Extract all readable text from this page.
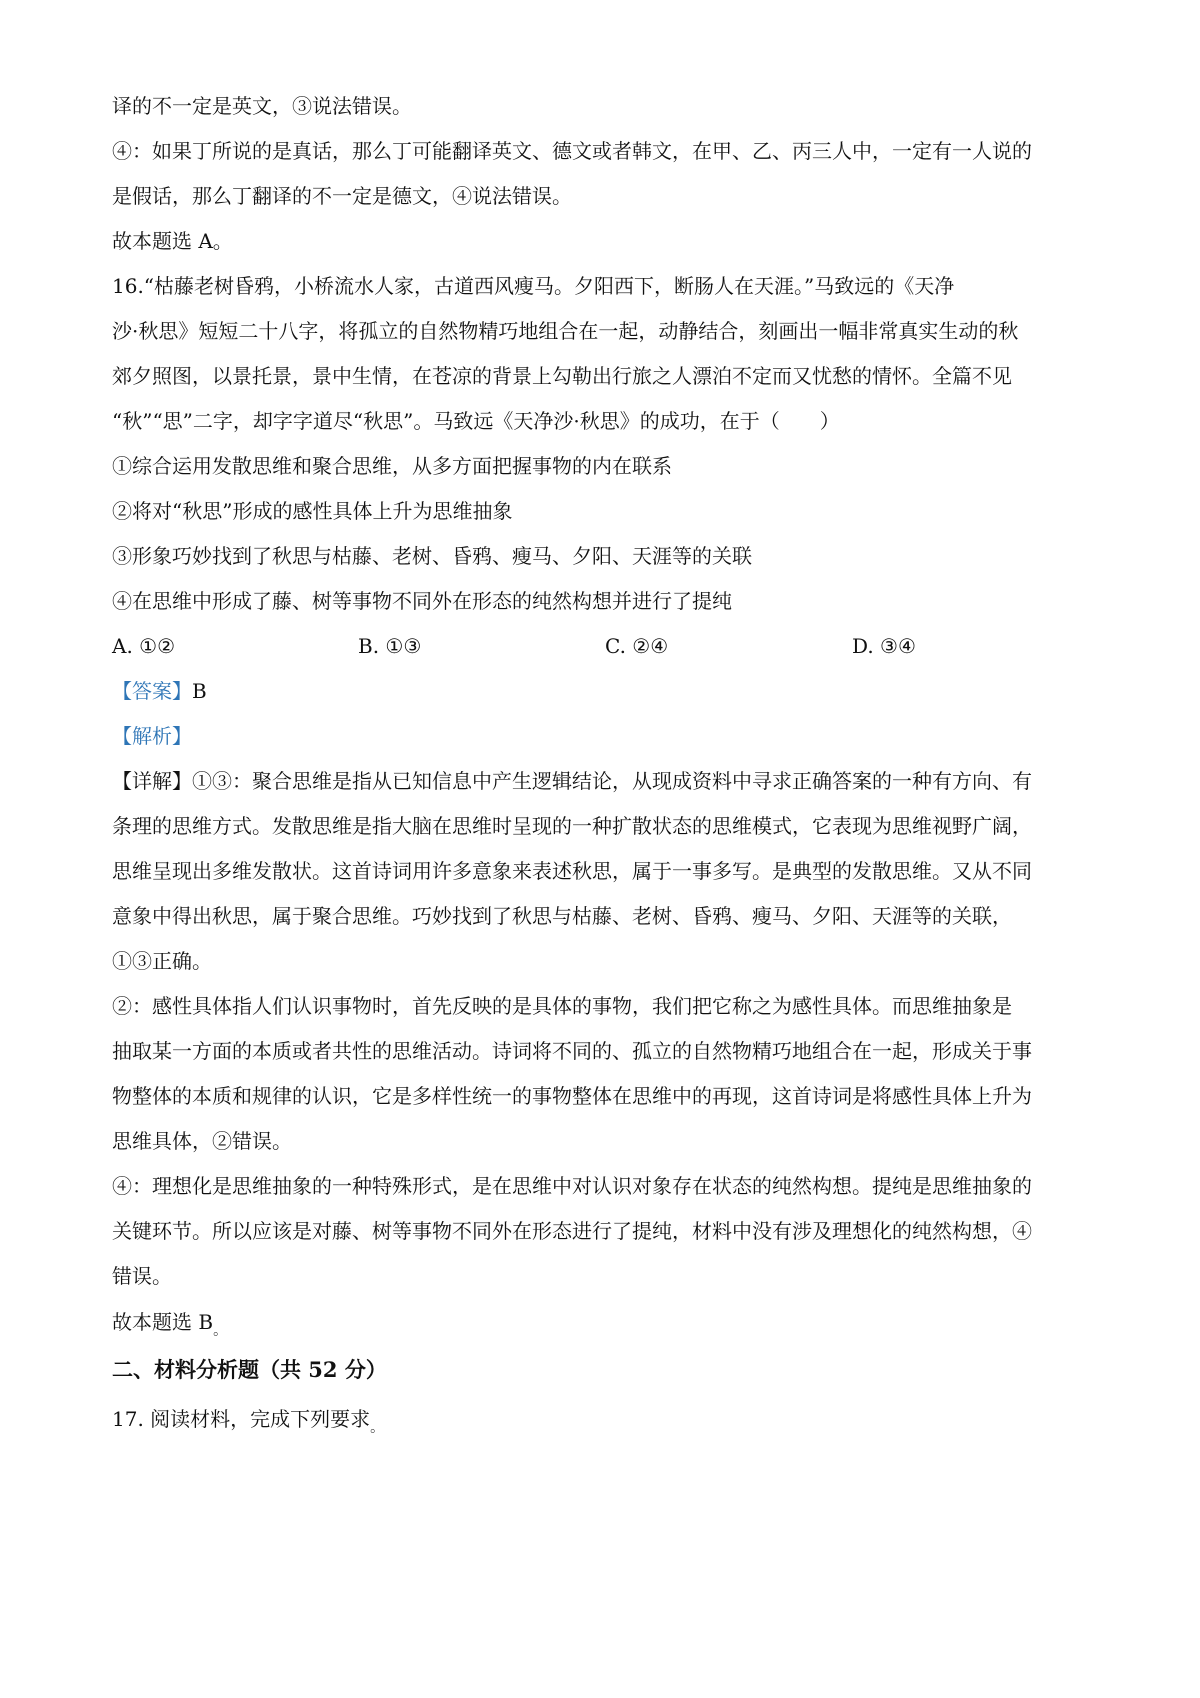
译的不一定是英文，③说法错误。

④：如果丁所说的是真话，那么丁可能翻译英文、德文或者韩文，在甲、乙、丙三人中，一定有一人说的

是假话，那么丁翻译的不一定是德文，④说法错误。

故本题选 A。

16.“枯藤老树昏鸦，小桥流水人家，古道西风瘦马。夕阳西下，断肠人在天涯。”马致远的《天净

沙·秋思》短短二十八字，将孤立的自然物精巧地组合在一起，动静结合，刻画出一幅非常真实生动的秋

郊夕照图，以景托景，景中生情，在苍凉的背景上勾勒出行旅之人漂泊不定而又忧愁的情怀。全篇不见

“秋”“思”二字，却字字道尽“秋思”。马致远《天净沙·秋思》的成功，在于（　　）

①综合运用发散思维和聚合思维，从多方面把握事物的内在联系

②将对“秋思”形成的感性具体上升为思维抽象

③形象巧妙找到了秋思与枯藤、老树、昏鸦、瘦马、夕阳、天涯等的关联

④在思维中形成了藤、树等事物不同外在形态的纯然构想并进行了提纯

A. ①②	B. ①③	C. ②④	D. ③④

【答案】B

【解析】

【详解】①③：聚合思维是指从已知信息中产生逻辑结论，从现成资料中寻求正确答案的一种有方向、有

条理的思维方式。发散思维是指大脑在思维时呈现的一种扩散状态的思维模式，它表现为思维视野广阔，

思维呈现出多维发散状。这首诗词用许多意象来表述秋思，属于一事多写。是典型的发散思维。又从不同

意象中得出秋思，属于聚合思维。巧妙找到了秋思与枯藤、老树、昏鸦、瘦马、夕阳、天涯等的关联，

①③正确。

②：感性具体指人们认识事物时，首先反映的是具体的事物，我们把它称之为感性具体。而思维抽象是

抽取某一方面的本质或者共性的思维活动。诗词将不同的、孤立的自然物精巧地组合在一起，形成关于事

物整体的本质和规律的认识，它是多样性统一的事物整体在思维中的再现，这首诗词是将感性具体上升为

思维具体，②错误。

④：理想化是思维抽象的一种特殊形式，是在思维中对认识对象存在状态的纯然构想。提纯是思维抽象的

关键环节。所以应该是对藤、树等事物不同外在形态进行了提纯，材料中没有涉及理想化的纯然构想，④

错误。

故本题选 $B_。$

二、材料分析题（共 52 分）

17. 阅读材料，完成下列要求$_。$
